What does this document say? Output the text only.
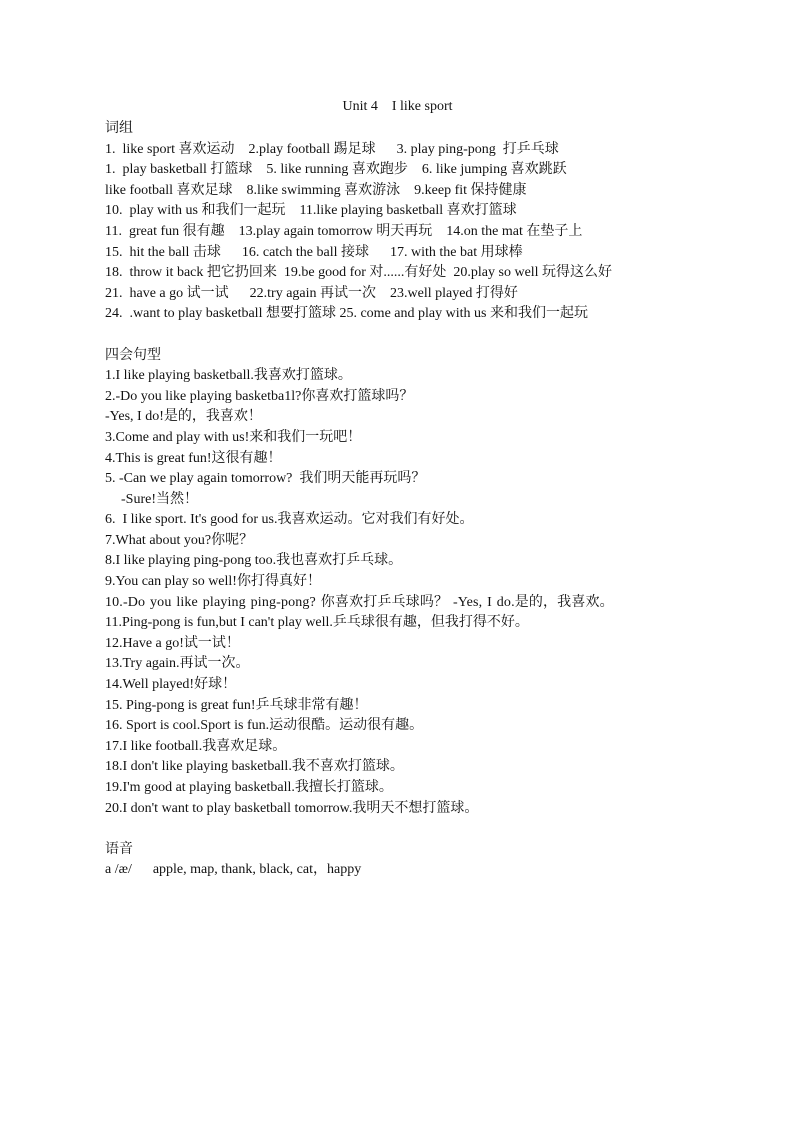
Unit 4    I like sport
词组
1.  like sport 喜欢运动    2.play football 踢足球      3. play ping-pong  打乒乓球
1.  play basketball 打篮球    5. like running 喜欢跑步    6. like jumping 喜欢跳跃
like football 喜欢足球    8.like swimming 喜欢游泳    9.keep fit 保持健康
10.  play with us 和我们一起玩    11.like playing basketball 喜欢打篮球
11.  great fun 很有趣    13.play again tomorrow 明天再玩    14.on the mat 在垫子上
15.  hit the ball 击球      16. catch the ball 接球      17. with the bat 用球棒
18.  throw it back 把它扔回来  19.be good for 对......有好处  20.play so well 玩得这么好
21.  have a go 试一试      22.try again 再试一次    23.well played 打得好
24.  .want to play basketball 想要打篮球 25. come and play with us 来和我们一起玩
四会句型
1.I like playing basketball.我喜欢打篮球。
2.-Do you like playing basketba1l?你喜欢打篮球吗？
-Yes, I do!是的，我喜欢！
3.Come and play with us!来和我们一玩吧！
4.This is great fun!这很有趣！
5. -Can we play again tomorrow?  我们明天能再玩吗？
-Sure!当然！
6.  I like sport. It's good for us.我喜欢运动。它对我们有好处。
7.What about you?你呢？
8.I like playing ping-pong too.我也喜欢打乒乓球。
9.You can play so well!你打得真好！
10.-Do you like playing ping-pong? 你喜欢打乒乓球吗？ -Yes, I do.是的，我喜欢。
11.Ping-pong is fun,but I can't play well.乒乓球很有趣，但我打得不好。
12.Have a go!试一试！
13.Try again.再试一次。
14.Well played!好球！
15. Ping-pong is great fun!乒乓球非常有趣！
16. Sport is cool.Sport is fun.运动很酷。运动很有趣。
17.I like football.我喜欢足球。
18.I don't like playing basketball.我不喜欢打篮球。
19.I'm good at playing basketball.我擅长打篮球。
20.I don't want to play basketball tomorrow.我明天不想打篮球。
语音
a /æ/      apple, map, thank, black, cat，happy
